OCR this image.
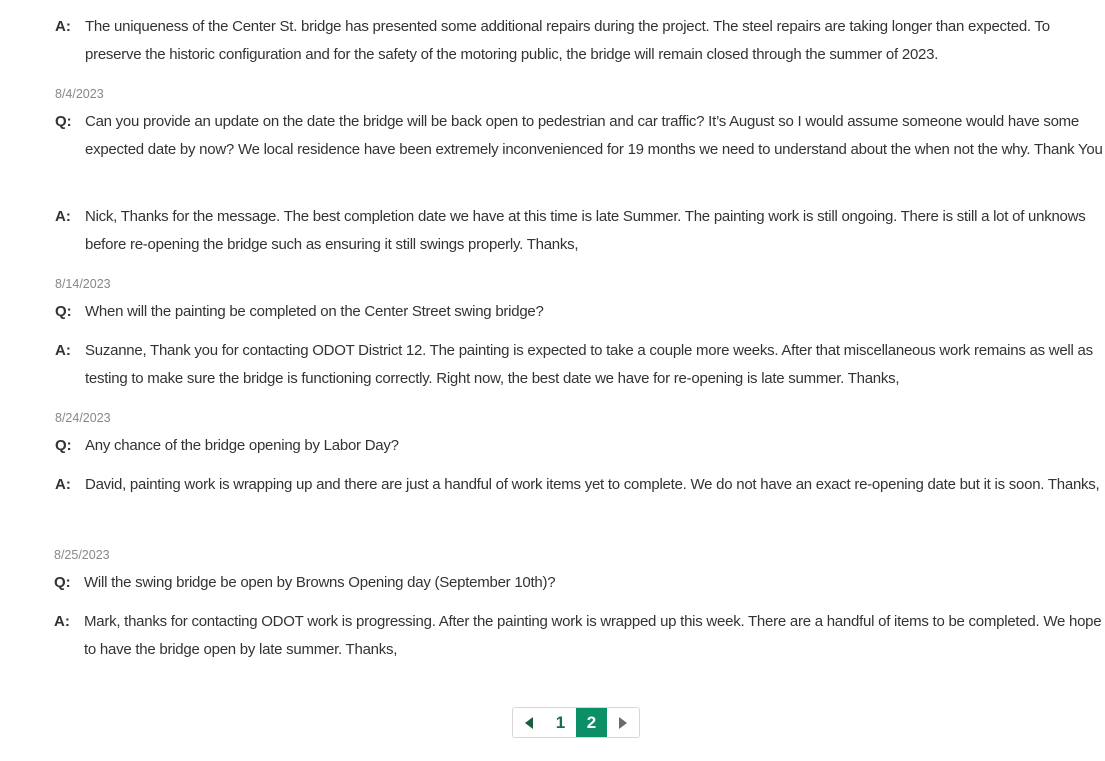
A: The uniqueness of the Center St. bridge has presented some additional repairs during the project. The steel repairs are taking longer than expected. To preserve the historic configuration and for the safety of the motoring public, the bridge will remain closed through the summer of 2023.
8/4/2023
Q: Can you provide an update on the date the bridge will be back open to pedestrian and car traffic? It’s August so I would assume someone would have some expected date by now? We local residence have been extremely inconvenienced for 19 months we need to understand about the when not the why. Thank You
A: Nick, Thanks for the message. The best completion date we have at this time is late Summer. The painting work is still ongoing. There is still a lot of unknows before re-opening the bridge such as ensuring it still swings properly. Thanks,
8/14/2023
Q: When will the painting be completed on the Center Street swing bridge?
A: Suzanne, Thank you for contacting ODOT District 12. The painting is expected to take a couple more weeks. After that miscellaneous work remains as well as testing to make sure the bridge is functioning correctly. Right now, the best date we have for re-opening is late summer. Thanks,
8/24/2023
Q: Any chance of the bridge opening by Labor Day?
A: David, painting work is wrapping up and there are just a handful of work items yet to complete. We do not have an exact re-opening date but it is soon. Thanks,
8/25/2023
Q: Will the swing bridge be open by Browns Opening day (September 10th)?
A: Mark, thanks for contacting ODOT work is progressing. After the painting work is wrapped up this week. There are a handful of items to be completed. We hope to have the bridge open by late summer. Thanks,
1	2
